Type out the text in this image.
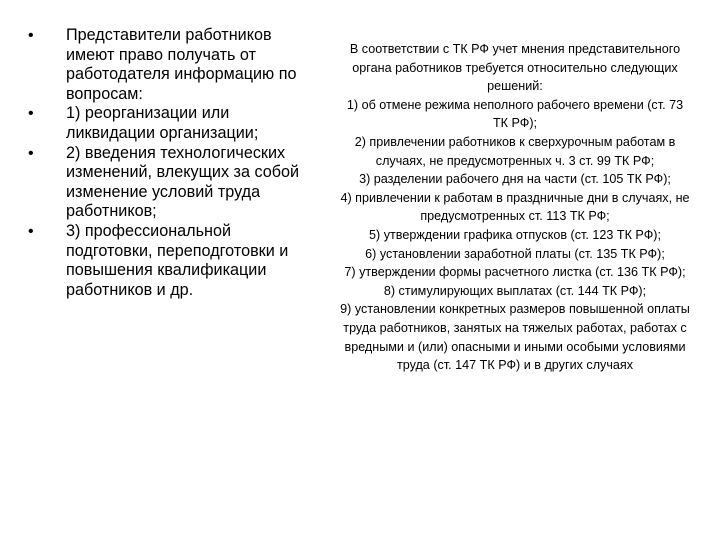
• Представители работников имеют право получать от работодателя информацию по вопросам:
• 1) реорганизации или ликвидации организации;
• 2) введения технологических изменений, влекущих за собой изменение условий труда работников;
• 3) профессиональной подготовки, переподготовки и повышения квалификации работников и др.
В соответствии с ТК РФ учет мнения представительного органа работников требуется относительно следующих решений:
1) об отмене режима неполного рабочего времени (ст. 73 ТК РФ);
2) привлечении работников к сверхурочным работам в случаях, не предусмотренных ч. 3 ст. 99 ТК РФ;
3) разделении рабочего дня на части (ст. 105 ТК РФ);
4) привлечении к работам в праздничные дни в случаях, не предусмотренных ст. 113 ТК РФ;
5) утверждении графика отпусков (ст. 123 ТК РФ);
6) установлении заработной платы (ст. 135 ТК РФ);
7) утверждении формы расчетного листка (ст. 136 ТК РФ);
8) стимулирующих выплатах (ст. 144 ТК РФ);
9) установлении конкретных размеров повышенной оплаты труда работников, занятых на тяжелых работах, работах с вредными и (или) опасными и иными особыми условиями труда (ст. 147 ТК РФ) и в других случаях
